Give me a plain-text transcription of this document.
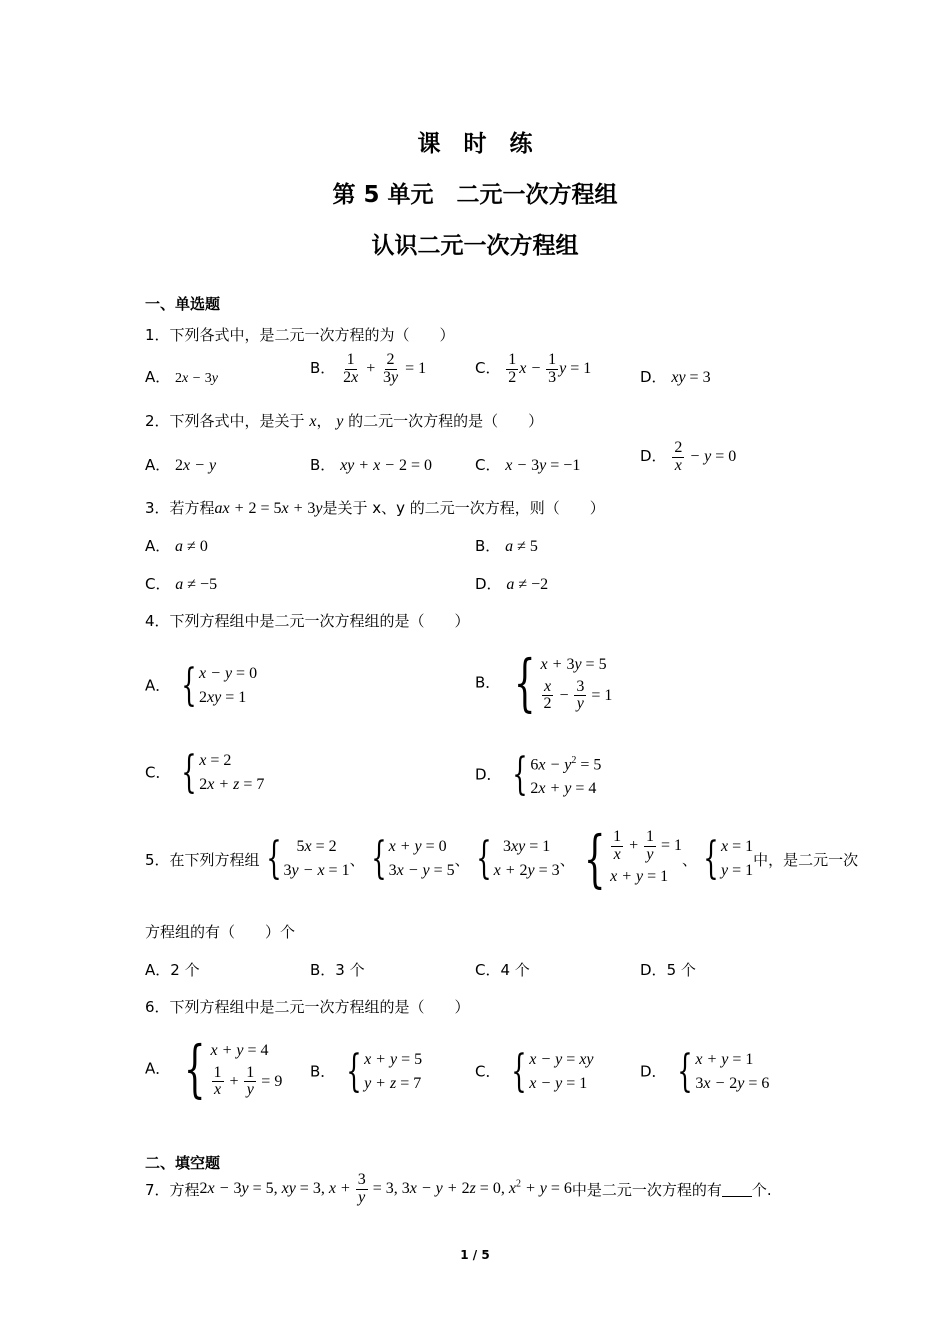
课　时　练
第 5 单元　二元一次方程组
认识二元一次方程组
一、单选题
1．下列各式中，是二元一次方程的为（　　）
A． 2x − 3y
B． $\frac{1}{2x} + \frac{2}{3y} = 1$	C． $\frac{1}{2}$ $x - \frac{1}{3}$ y = 1	D． xy = 3
2．下列各式中，是关于 x， y 的二元一次方程的是（　　）
A． 2x − y	B． xy + x − 2 = 0	C． x − 3y = −1
D． $\frac{2}{x} - y = 0$
3．若方程ax + 2 = 5x + 3y是关于 x、y 的二元一次方程，则（　　）
A． a ≠ 0	B． a ≠ 5
C． a ≠ −5	D． a ≠ −2
4．下列方程组中是二元一次方程组的是（　　）
A． { x − y = 0
2xy = 1
B． { x + 3y = 5
$\frac{x}{2} - \frac{3}{y} = 1$
C． { x = 2
2x + z = 7
D． { $6x - y^2 = 5$
2x + y = 4
5．在下列方程组 { 5x = 2
3y − x = 1
、 { x + y = 0
3x − y = 5
、 { 3xy = 1
x + 2y = 3
、 { $\frac{1}{x} + \frac{1}{y} = 1$
x + y = 1
、 { x = 1
y = 1
中，是二元一次
方程组的有（　　）个
A．2 个	B．3 个	C．4 个	D．5 个
6．下列方程组中是二元一次方程组的是（　　）
A． { x + y = 4
$\frac{1}{x} + \frac{1}{y} = 9$
B． { x + y = 5
y + z = 7
C． { x − y = xy
x − y = 1
D． { x + y = 1
3x − 2y = 6
二、填空题
7．方程 2x − 3y = 5, xy = 3, $x + \frac{3}{y} = 3$, 3x − y + 2z = 0, $x^2 + y = 6$ 中是二元一次方程的有 个.
1 / 5
